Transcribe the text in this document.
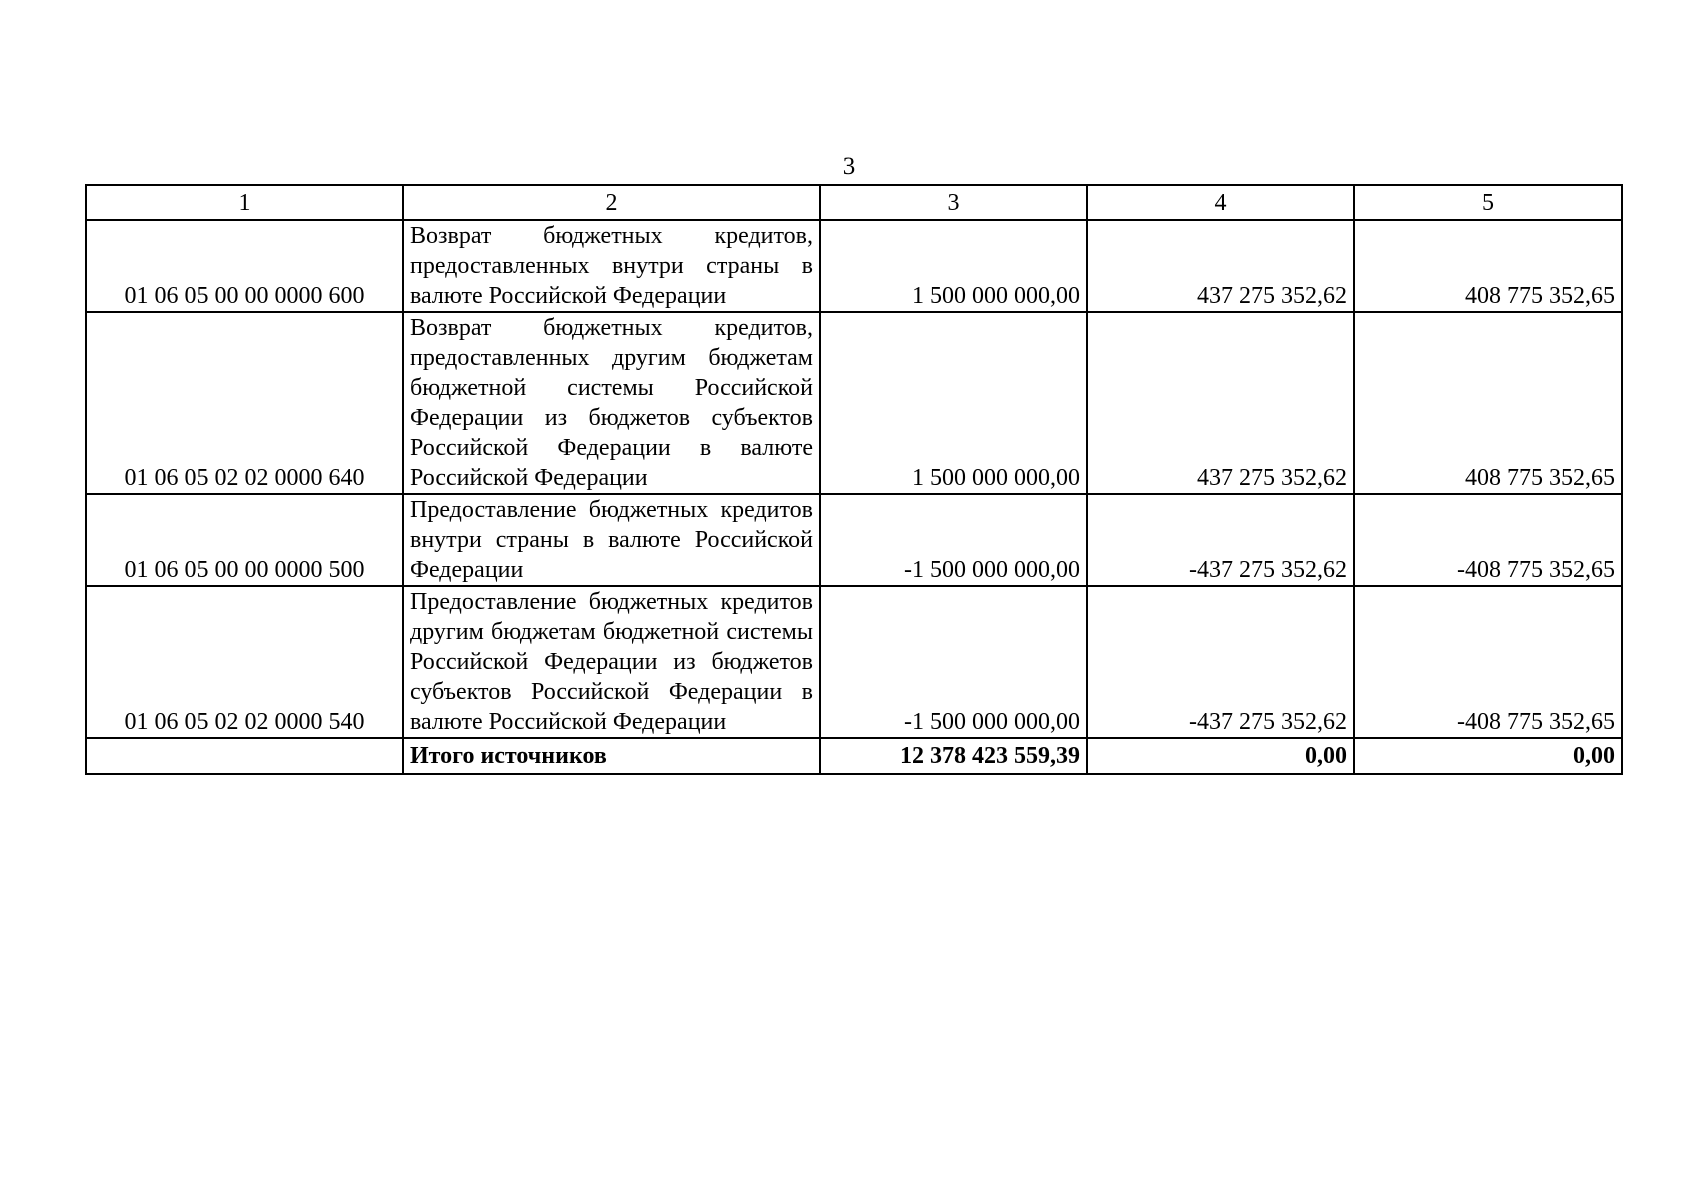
3
1	2	3	4	5
01 06 05 00 00 0000 600	Возврат бюджетных кредитов, предоставленных внутри страны в валюте Российской Федерации	1 500 000 000,00	437 275 352,62	408 775 352,65
01 06 05 02 02 0000 640	Возврат бюджетных кредитов, предоставленных другим бюджетам бюджетной системы Российской Федерации из бюджетов субъектов Российской Федерации в валюте Российской Федерации	1 500 000 000,00	437 275 352,62	408 775 352,65
01 06 05 00 00 0000 500	Предоставление бюджетных кредитов внутри страны в валюте Российской Федерации	-1 500 000 000,00	-437 275 352,62	-408 775 352,65
01 06 05 02 02 0000 540	Предоставление бюджетных кредитов другим бюджетам бюджетной системы Российской Федерации из бюджетов субъектов Российской Федерации в валюте Российской Федерации	-1 500 000 000,00	-437 275 352,62	-408 775 352,65
	Итого источников	12 378 423 559,39	0,00	0,00
